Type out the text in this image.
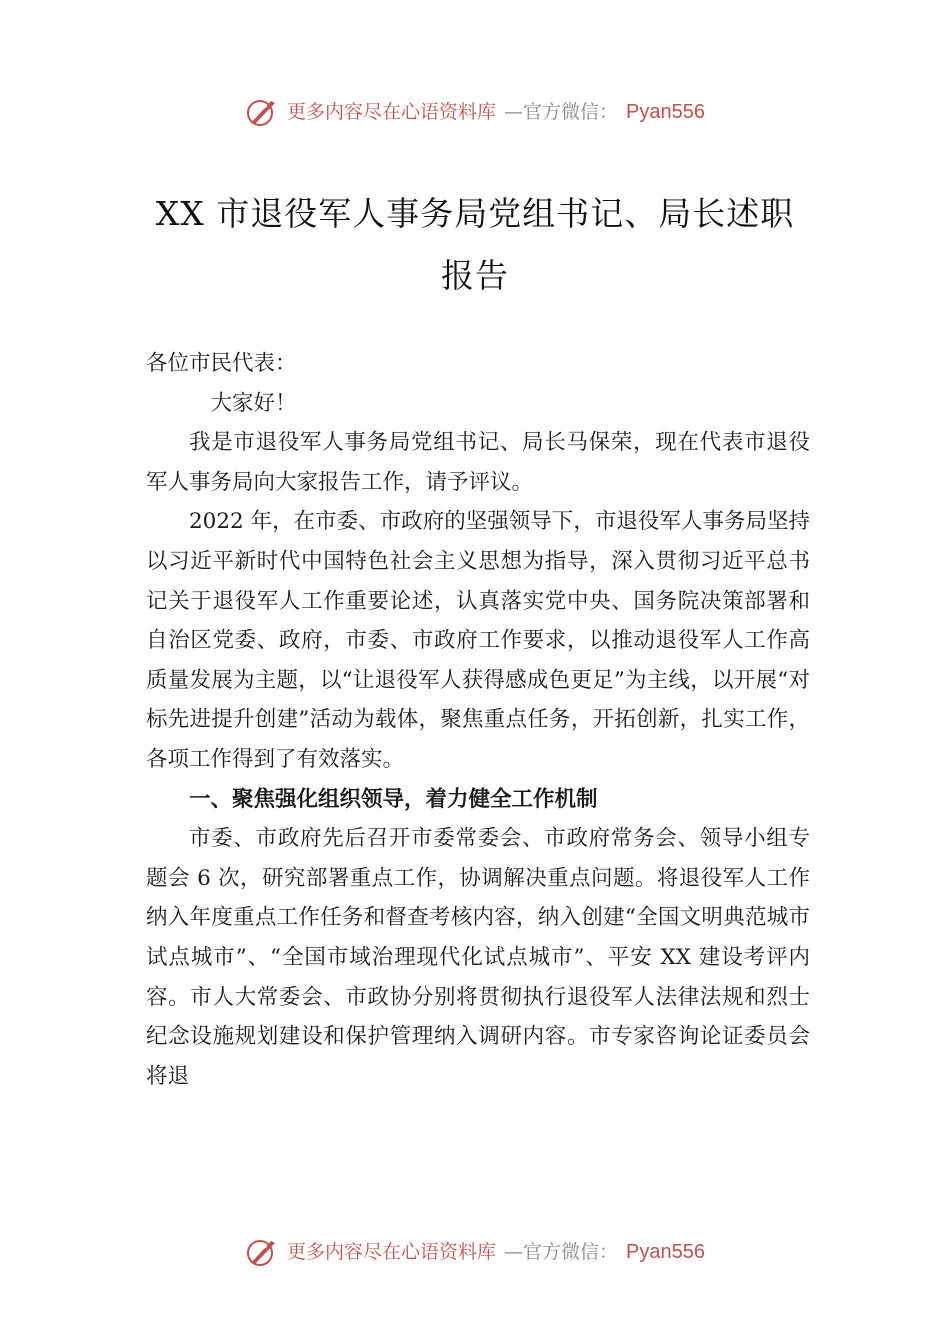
更多内容尽在心语资料库 —官方微信： Pyan556
XX 市退役军人事务局党组书记、局长述职
报告

各位市民代表：

大家好！

我是市退役军人事务局党组书记、局长马保荣，现在代表市退役军人事务局向大家报告工作，请予评议。

2022 年，在市委、市政府的坚强领导下，市退役军人事务局坚持以习近平新时代中国特色社会主义思想为指导，深入贯彻习近平总书记关于退役军人工作重要论述，认真落实党中央、国务院决策部署和自治区党委、政府，市委、市政府工作要求，以推动退役军人工作高质量发展为主题，以“让退役军人获得感成色更足”为主线，以开展“对标先进提升创建”活动为载体，聚焦重点任务，开拓创新，扎实工作， 各项工作得到了有效落实。

一、聚焦强化组织领导，着力健全工作机制

市委、市政府先后召开市委常委会、市政府常务会、领导小组专题会 6 次，研究部署重点工作，协调解决重点问题。将退役军人工作纳入年度重点工作任务和督查考核内容，纳入创建“全国文明典范城市试点城市”、“全国市域治理现代化试点城市”、平安 XX 建设考评内容。市人大常委会、市政协分别将贯彻执行退役军人法律法规和烈士纪念设施规划建设和保护管理纳入调研内容。市专家咨询论证委员会将退

更多内容尽在心语资料库 —官方微信： Pyan556
